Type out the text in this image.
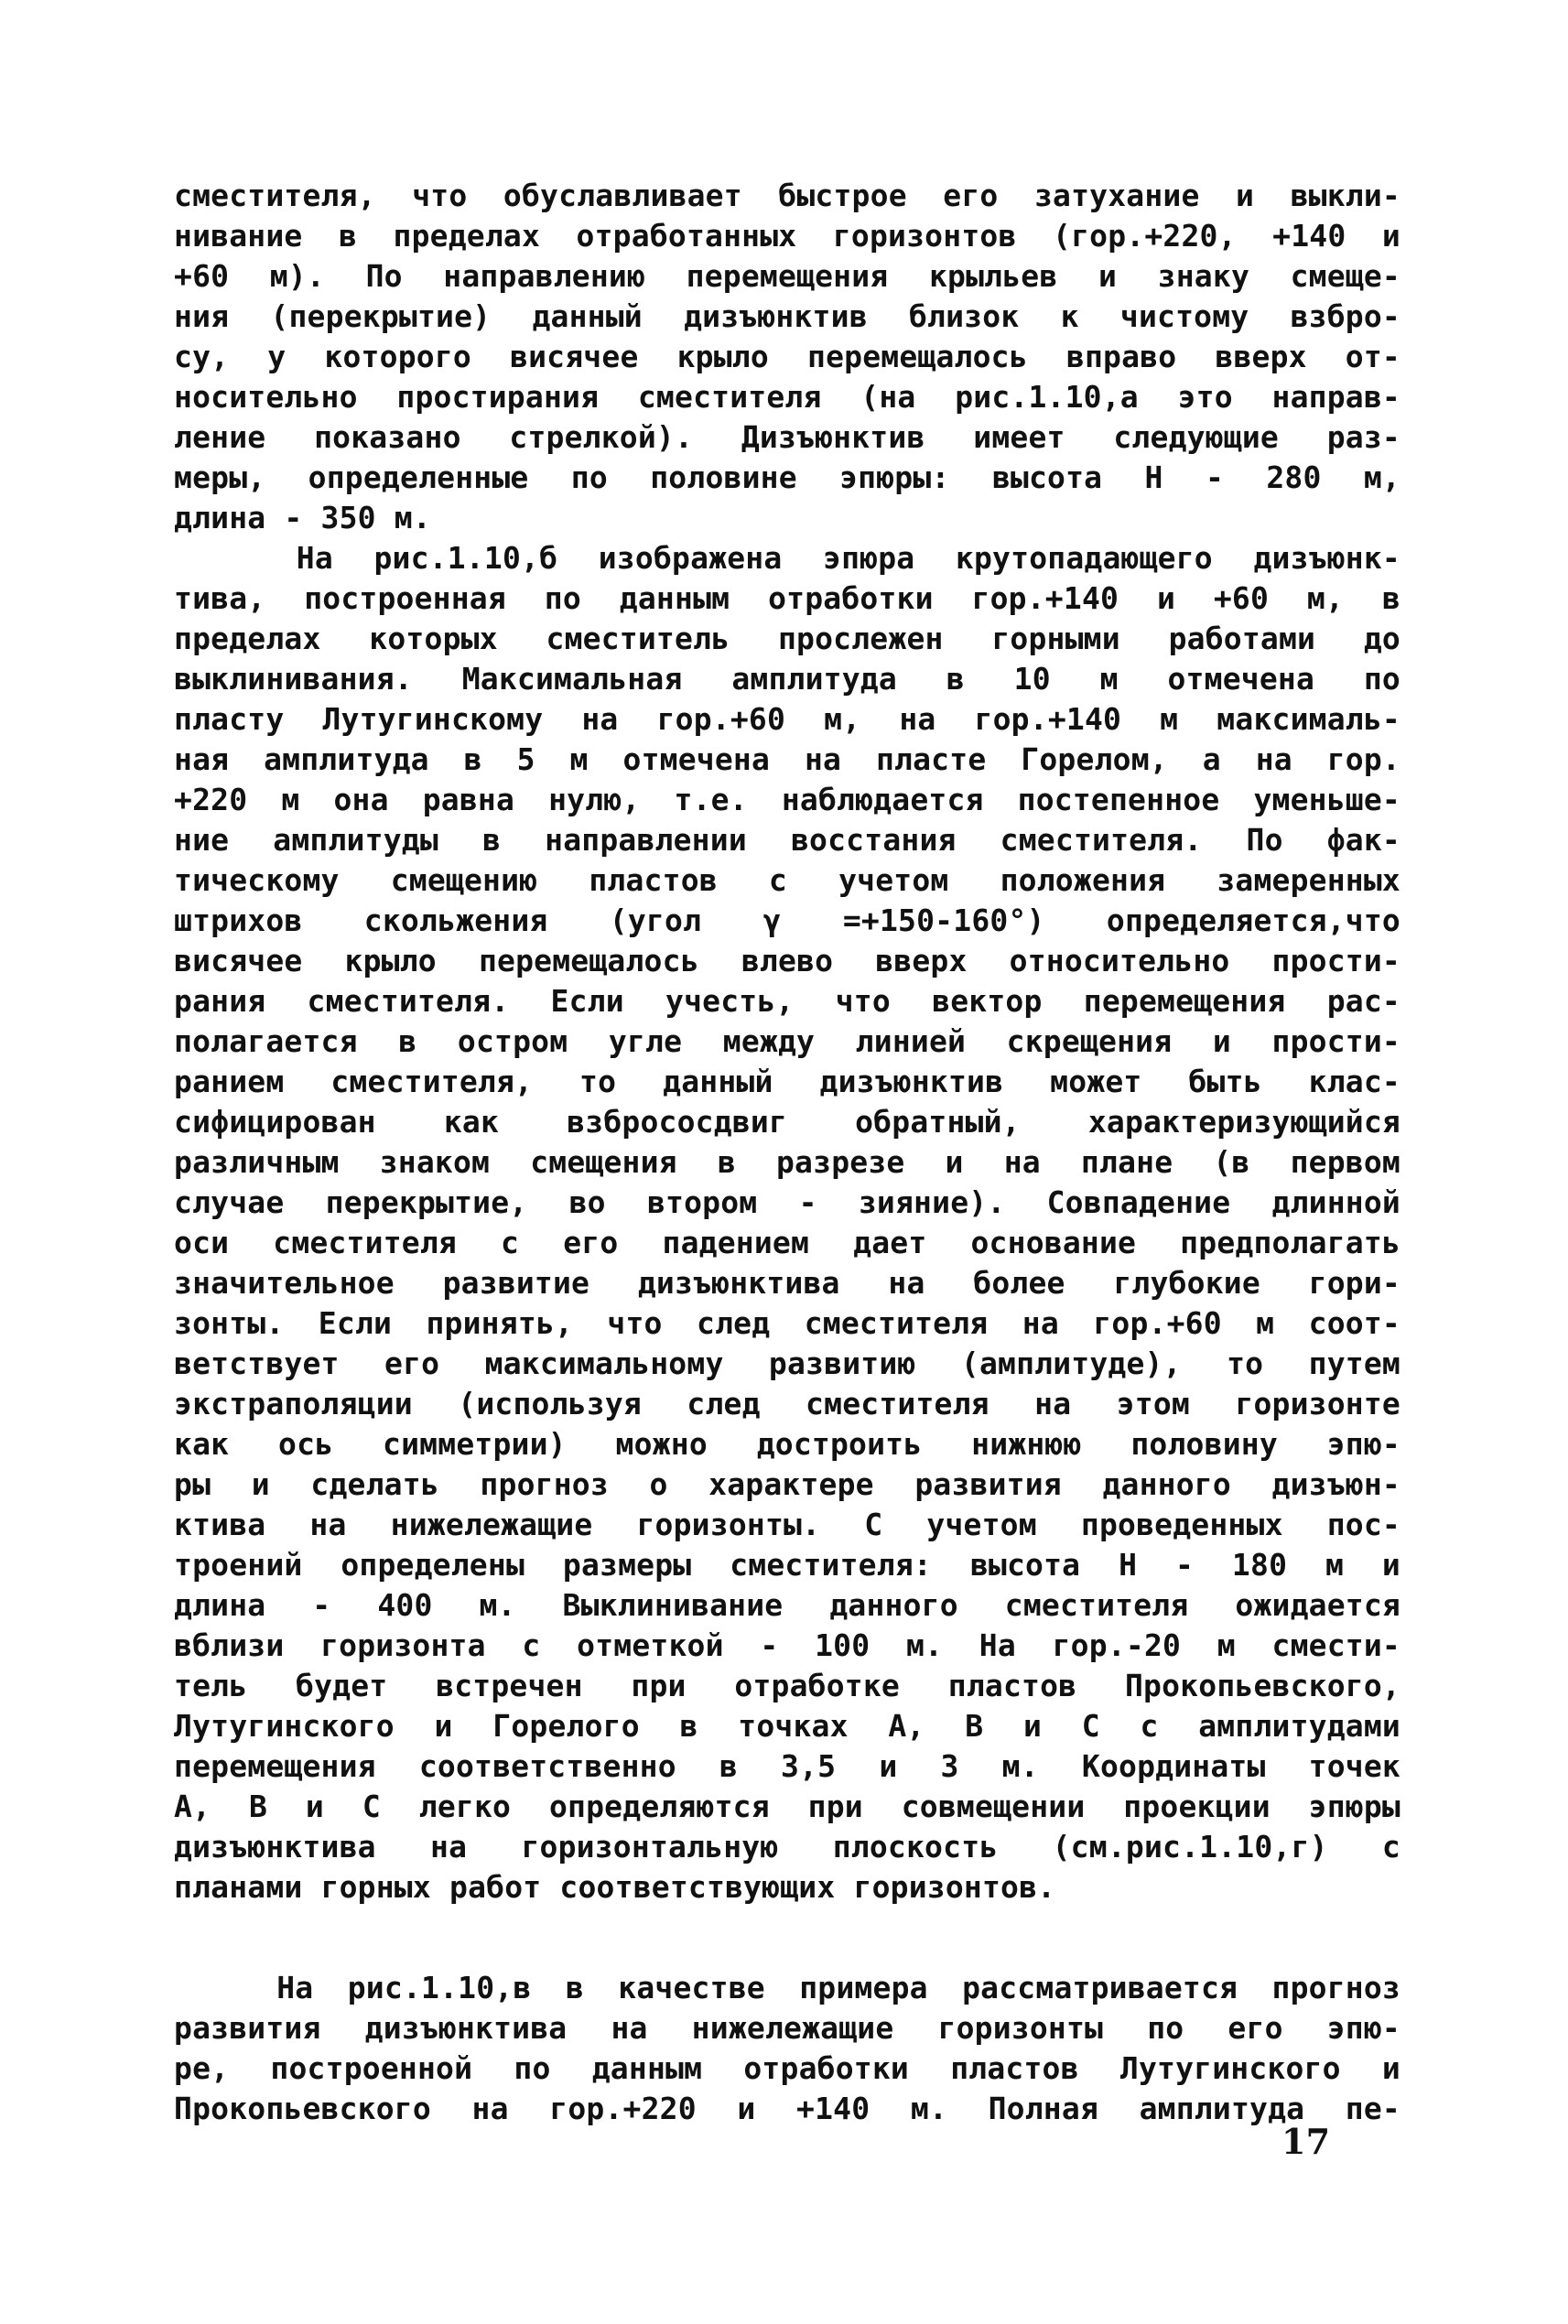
сместителя, что обуславливает быстрое его затухание и выкли-
нивание в пределах отработанных горизонтов (гор.+220, +140 и
+60 м). По направлению перемещения крыльев и знаку смеще-
ния (перекрытие) данный дизъюнктив близок к чистому взбро-
су, у которого висячее крыло перемещалось вправо вверх от-
носительно простирания сместителя (на рис.1.10,а это направ-
ление показано стрелкой). Дизъюнктив имеет следующие раз-
меры, определенные по половине эпюры: высота Н - 280 м,
длина - 350 м.
На рис.1.10,б изображена эпюра крутопадающего дизъюнк-
тива, построенная по данным отработки гор.+140 и +60 м, в
пределах которых сместитель прослежен горными работами до
выклинивания. Максимальная амплитуда в 10 м отмечена по
пласту Лутугинскому на гор.+60 м, на гор.+140 м максималь-
ная амплитуда в 5 м отмечена на пласте Горелом, а на гор.
+220 м она равна нулю, т.е. наблюдается постепенное уменьше-
ние амплитуды в направлении восстания сместителя. По фак-
тическому смещению пластов с учетом положения замеренных
штрихов скольжения (угол γ =+150-160°) определяется,что
висячее крыло перемещалось влево вверх относительно прости-
рания сместителя. Если учесть, что вектор перемещения рас-
полагается в остром угле между линией скрещения и прости-
ранием сместителя, то данный дизъюнктив может быть клас-
сифицирован как взбрососдвиг обратный, характеризующийся
различным знаком смещения в разрезе и на плане (в первом
случае перекрытие, во втором - зияние). Совпадение длинной
оси сместителя с его падением дает основание предполагать
значительное развитие дизъюнктива на более глубокие гори-
зонты. Если принять, что след сместителя на гор.+60 м соот-
ветствует его максимальному развитию (амплитуде), то путем
экстраполяции (используя след сместителя на этом горизонте
как ось симметрии) можно достроить нижнюю половину эпю-
ры и сделать прогноз о характере развития данного дизъюн-
ктива на нижележащие горизонты. С учетом проведенных пос-
троений определены размеры сместителя: высота Н - 180 м и
длина - 400 м. Выклинивание данного сместителя ожидается
вблизи горизонта с отметкой - 100 м. На гор.-20 м смести-
тель будет встречен при отработке пластов Прокопьевского,
Лутугинского и Горелого в точках А, В и С с амплитудами
перемещения соответственно в 3,5 и 3 м. Координаты точек
А, В и С легко определяются при совмещении проекции эпюры
дизъюнктива на горизонтальную плоскость (см.рис.1.10,г) с
планами горных работ соответствующих горизонтов.
На рис.1.10,в в качестве примера рассматривается прогноз
развития дизъюнктива на нижележащие горизонты по его эпю-
ре, построенной по данным отработки пластов Лутугинского и
Прокопьевского на гор.+220 и +140 м. Полная амплитуда пе-
17
